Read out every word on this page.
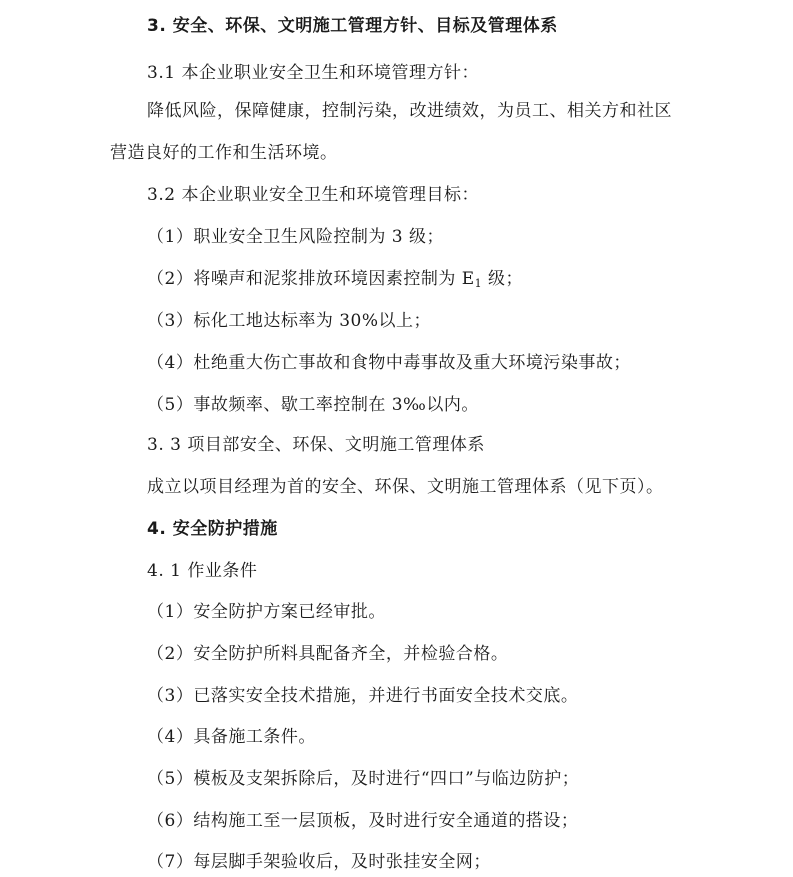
3. 安全、环保、文明施工管理方针、目标及管理体系
3.1 本企业职业安全卫生和环境管理方针：
降低风险，保障健康，控制污染，改进绩效，为员工、相关方和社区
营造良好的工作和生活环境。
3.2 本企业职业安全卫生和环境管理目标：
（1）职业安全卫生风险控制为 3 级；
（2）将噪声和泥浆排放环境因素控制为 E1 级；
（3）标化工地达标率为 30%以上；
（4）杜绝重大伤亡事故和食物中毒事故及重大环境污染事故；
（5）事故频率、歇工率控制在 3‰以内。
3. 3 项目部安全、环保、文明施工管理体系
成立以项目经理为首的安全、环保、文明施工管理体系（见下页）。
4. 安全防护措施
4. 1 作业条件
（1）安全防护方案已经审批。
（2）安全防护所料具配备齐全，并检验合格。
（3）已落实安全技术措施，并进行书面安全技术交底。
（4）具备施工条件。
（5）模板及支架拆除后，及时进行“四口”与临边防护；
（6）结构施工至一层顶板，及时进行安全通道的搭设；
（7）每层脚手架验收后，及时张挂安全网；
